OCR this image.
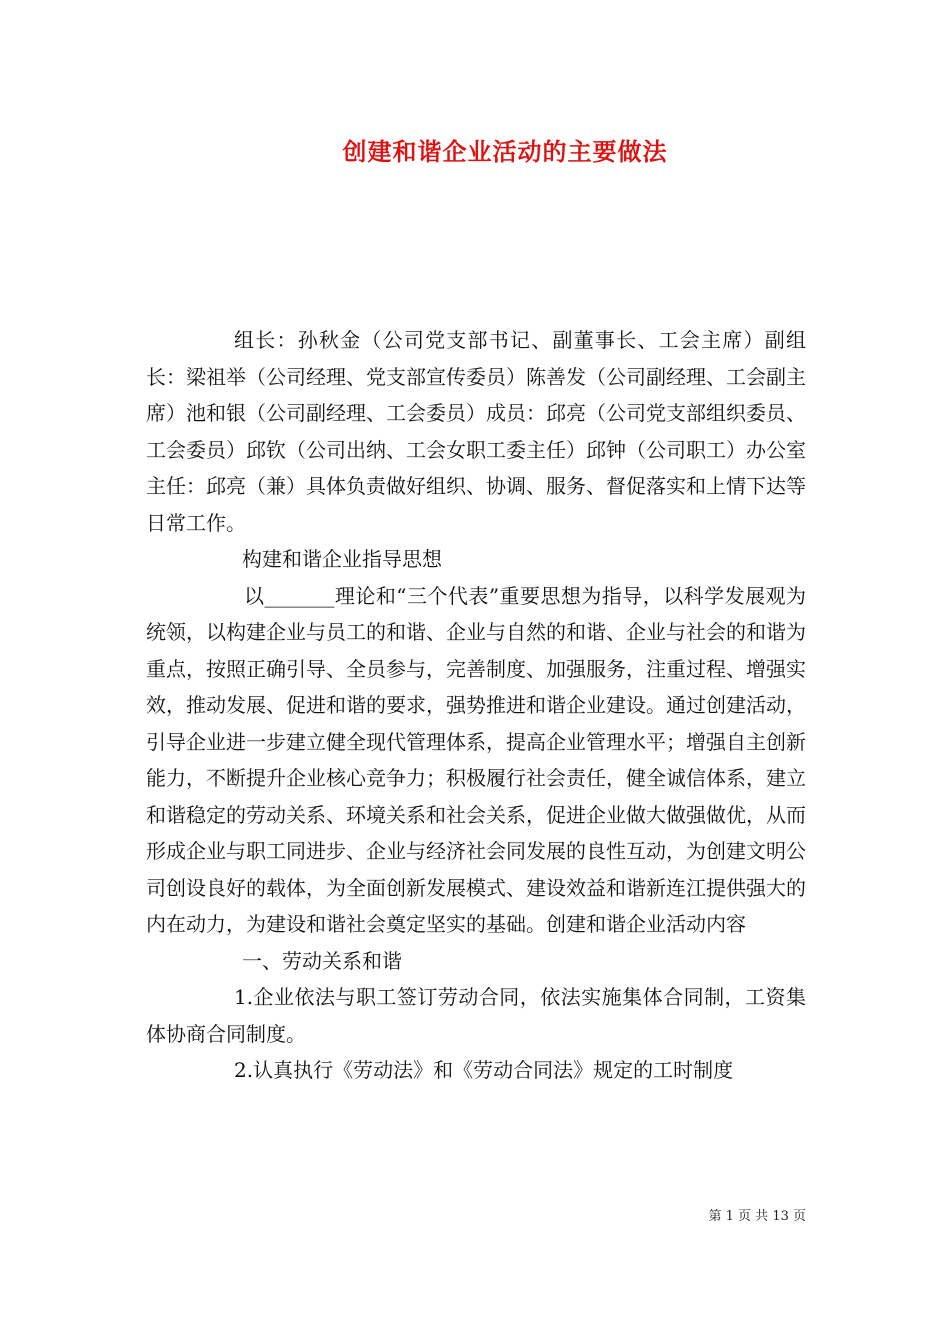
创建和谐企业活动的主要做法

组长：孙秋金（公司党支部书记、副董事长、工会主席）副组长：梁祖举（公司经理、党支部宣传委员）陈善发（公司副经理、工会副主席）池和银（公司副经理、工会委员）成员：邱亮（公司党支部组织委员、工会委员）邱钦（公司出纳、工会女职工委主任）邱钟（公司职工）办公室主任：邱亮（兼）具体负责做好组织、协调、服务、督促落实和上情下达等日常工作。

构建和谐企业指导思想

以_______理论和“三个代表”重要思想为指导，以科学发展观为统领，以构建企业与员工的和谐、企业与自然的和谐、企业与社会的和谐为重点，按照正确引导、全员参与，完善制度、加强服务，注重过程、增强实效，推动发展、促进和谐的要求，强势推进和谐企业建设。通过创建活动，引导企业进一步建立健全现代管理体系，提高企业管理水平；增强自主创新能力，不断提升企业核心竞争力；积极履行社会责任，健全诚信体系，建立和谐稳定的劳动关系、环境关系和社会关系，促进企业做大做强做优，从而形成企业与职工同进步、企业与经济社会同发展的良性互动，为创建文明公司创设良好的载体，为全面创新发展模式、建设效益和谐新连江提供强大的内在动力，为建设和谐社会奠定坚实的基础。创建和谐企业活动内容

一、劳动关系和谐

1.企业依法与职工签订劳动合同，依法实施集体合同制，工资集体协商合同制度。

2.认真执行《劳动法》和《劳动合同法》规定的工时制度

第 1 页 共 13 页
